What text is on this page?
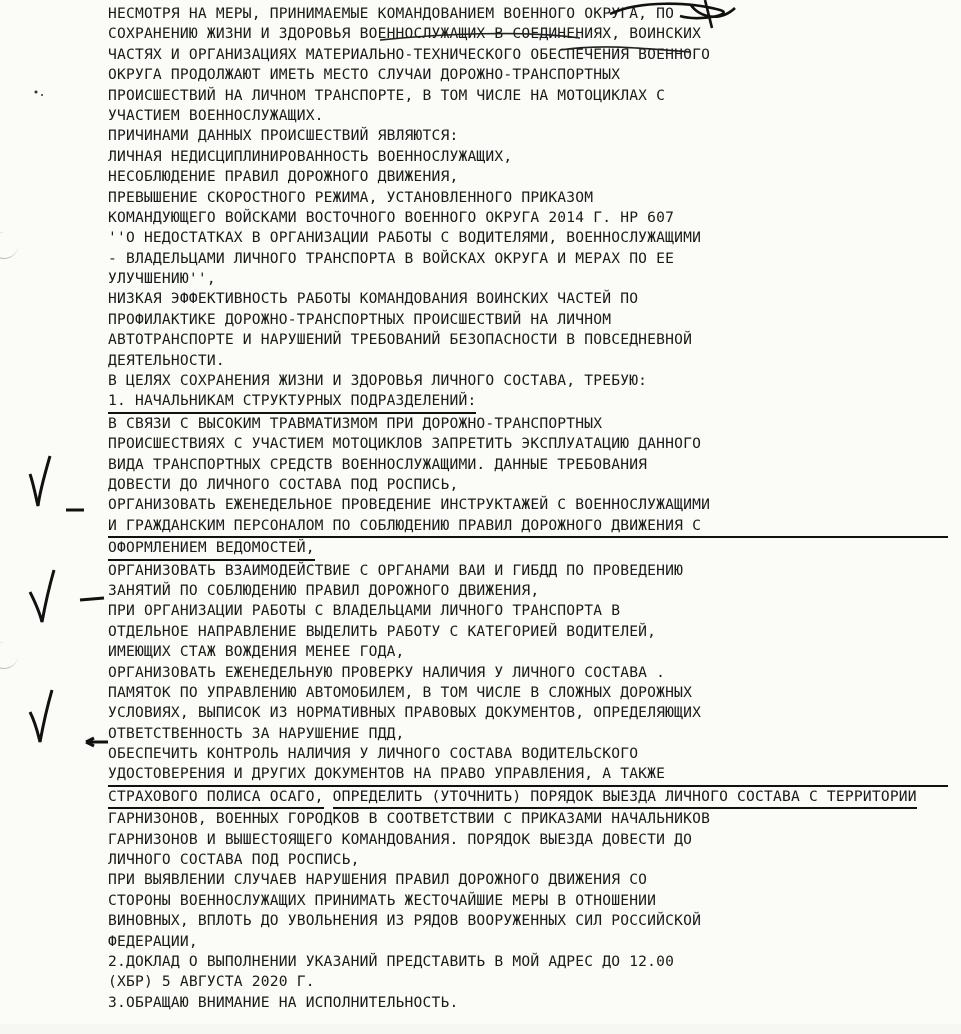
НЕСМОТРЯ НА МЕРЫ, ПРИНИМАЕМЫЕ КОМАНДОВАНИЕМ ВОЕННОГО ОКРУГА, ПО
СОХРАНЕНИЮ ЖИЗНИ И ЗДОРОВЬЯ ВОЕННОСЛУЖАЩИХ В СОЕДИНЕНИЯХ, ВОИНСКИХ
ЧАСТЯХ И ОРГАНИЗАЦИЯХ МАТЕРИАЛЬНО-ТЕХНИЧЕСКОГО ОБЕСПЕЧЕНИЯ ВОЕННОГО
ОКРУГА ПРОДОЛЖАЮТ ИМЕТЬ МЕСТО СЛУЧАИ ДОРОЖНО-ТРАНСПОРТНЫХ
ПРОИСШЕСТВИЙ НА ЛИЧНОМ ТРАНСПОРТЕ, В ТОМ ЧИСЛЕ НА МОТОЦИКЛАХ С
УЧАСТИЕМ ВОЕННОСЛУЖАЩИХ.
ПРИЧИНАМИ ДАННЫХ ПРОИСШЕСТВИЙ ЯВЛЯЮТСЯ:
ЛИЧНАЯ НЕДИСЦИПЛИНИРОВАННОСТЬ ВОЕННОСЛУЖАЩИХ,
НЕСОБЛЮДЕНИЕ ПРАВИЛ ДОРОЖНОГО ДВИЖЕНИЯ,
ПРЕВЫШЕНИЕ СКОРОСТНОГО РЕЖИМА, УСТАНОВЛЕННОГО ПРИКАЗОМ
КОМАНДУЮЩЕГО ВОЙСКАМИ ВОСТОЧНОГО ВОЕННОГО ОКРУГА 2014 Г. НР 607
''О НЕДОСТАТКАХ В ОРГАНИЗАЦИИ РАБОТЫ С ВОДИТЕЛЯМИ, ВОЕННОСЛУЖАЩИМИ
- ВЛАДЕЛЬЦАМИ ЛИЧНОГО ТРАНСПОРТА В ВОЙСКАХ ОКРУГА И МЕРАХ ПО ЕЕ
УЛУЧШЕНИЮ'',
НИЗКАЯ ЭФФЕКТИВНОСТЬ РАБОТЫ КОМАНДОВАНИЯ ВОИНСКИХ ЧАСТЕЙ ПО
ПРОФИЛАКТИКЕ ДОРОЖНО-ТРАНСПОРТНЫХ ПРОИСШЕСТВИЙ НА ЛИЧНОМ
АВТОТРАНСПОРТЕ И НАРУШЕНИЙ ТРЕБОВАНИЙ БЕЗОПАСНОСТИ В ПОВСЕДНЕВНОЙ
ДЕЯТЕЛЬНОСТИ.
В ЦЕЛЯХ СОХРАНЕНИЯ ЖИЗНИ И ЗДОРОВЬЯ ЛИЧНОГО СОСТАВА, ТРЕБУЮ:
1. НАЧАЛЬНИКАМ СТРУКТУРНЫХ ПОДРАЗДЕЛЕНИЙ:
В СВЯЗИ С ВЫСОКИМ ТРАВМАТИЗМОМ ПРИ ДОРОЖНО-ТРАНСПОРТНЫХ
ПРОИСШЕСТВИЯХ С УЧАСТИЕМ МОТОЦИКЛОВ ЗАПРЕТИТЬ ЭКСПЛУАТАЦИЮ ДАННОГО
ВИДА ТРАНСПОРТНЫХ СРЕДСТВ ВОЕННОСЛУЖАЩИМИ. ДАННЫЕ ТРЕБОВАНИЯ
ДОВЕСТИ ДО ЛИЧНОГО СОСТАВА ПОД РОСПИСЬ,
ОРГАНИЗОВАТЬ ЕЖЕНЕДЕЛЬНОЕ ПРОВЕДЕНИЕ ИНСТРУКТАЖЕЙ С ВОЕННОСЛУЖАЩИМИ
И ГРАЖДАНСКИМ ПЕРСОНАЛОМ ПО СОБЛЮДЕНИЮ ПРАВИЛ ДОРОЖНОГО ДВИЖЕНИЯ С
ОФОРМЛЕНИЕМ ВЕДОМОСТЕЙ,
ОРГАНИЗОВАТЬ ВЗАИМОДЕЙСТВИЕ С ОРГАНАМИ ВАИ И ГИБДД ПО ПРОВЕДЕНИЮ
ЗАНЯТИЙ ПО СОБЛЮДЕНИЮ ПРАВИЛ ДОРОЖНОГО ДВИЖЕНИЯ,
ПРИ ОРГАНИЗАЦИИ РАБОТЫ С ВЛАДЕЛЬЦАМИ ЛИЧНОГО ТРАНСПОРТА В
ОТДЕЛЬНОЕ НАПРАВЛЕНИЕ ВЫДЕЛИТЬ РАБОТУ С КАТЕГОРИЕЙ ВОДИТЕЛЕЙ,
ИМЕЮЩИХ СТАЖ ВОЖДЕНИЯ МЕНЕЕ ГОДА,
ОРГАНИЗОВАТЬ ЕЖЕНЕДЕЛЬНУЮ ПРОВЕРКУ НАЛИЧИЯ У ЛИЧНОГО СОСТАВА .
ПАМЯТОК ПО УПРАВЛЕНИЮ АВТОМОБИЛЕМ, В ТОМ ЧИСЛЕ В СЛОЖНЫХ ДОРОЖНЫХ
УСЛОВИЯХ, ВЫПИСОК ИЗ НОРМАТИВНЫХ ПРАВОВЫХ ДОКУМЕНТОВ, ОПРЕДЕЛЯЮЩИХ
ОТВЕТСТВЕННОСТЬ ЗА НАРУШЕНИЕ ПДД,
ОБЕСПЕЧИТЬ КОНТРОЛЬ НАЛИЧИЯ У ЛИЧНОГО СОСТАВА ВОДИТЕЛЬСКОГО
УДОСТОВЕРЕНИЯ И ДРУГИХ ДОКУМЕНТОВ НА ПРАВО УПРАВЛЕНИЯ, А ТАКЖЕ
СТРАХОВОГО ПОЛИСА ОСАГО, ОПРЕДЕЛИТЬ (УТОЧНИТЬ) ПОРЯДОК ВЫЕЗДА ЛИЧНОГО СОСТАВА С ТЕРРИТОРИИ
ГАРНИЗОНОВ, ВОЕННЫХ ГОРОДКОВ В СООТВЕТСТВИИ С ПРИКАЗАМИ НАЧАЛЬНИКОВ
ГАРНИЗОНОВ И ВЫШЕСТОЯЩЕГО КОМАНДОВАНИЯ. ПОРЯДОК ВЫЕЗДА ДОВЕСТИ ДО
ЛИЧНОГО СОСТАВА ПОД РОСПИСЬ,
ПРИ ВЫЯВЛЕНИИ СЛУЧАЕВ НАРУШЕНИЯ ПРАВИЛ ДОРОЖНОГО ДВИЖЕНИЯ СО
СТОРОНЫ ВОЕННОСЛУЖАЩИХ ПРИНИМАТЬ ЖЕСТОЧАЙШИЕ МЕРЫ В ОТНОШЕНИИ
ВИНОВНЫХ, ВПЛОТЬ ДО УВОЛЬНЕНИЯ ИЗ РЯДОВ ВООРУЖЕННЫХ СИЛ РОССИЙСКОЙ
ФЕДЕРАЦИИ,
2.ДОКЛАД О ВЫПОЛНЕНИИ УКАЗАНИЙ ПРЕДСТАВИТЬ В МОЙ АДРЕС ДО 12.00
(ХБР) 5 АВГУСТА 2020 Г.
3.ОБРАЩАЮ ВНИМАНИЕ НА ИСПОЛНИТЕЛЬНОСТЬ.
